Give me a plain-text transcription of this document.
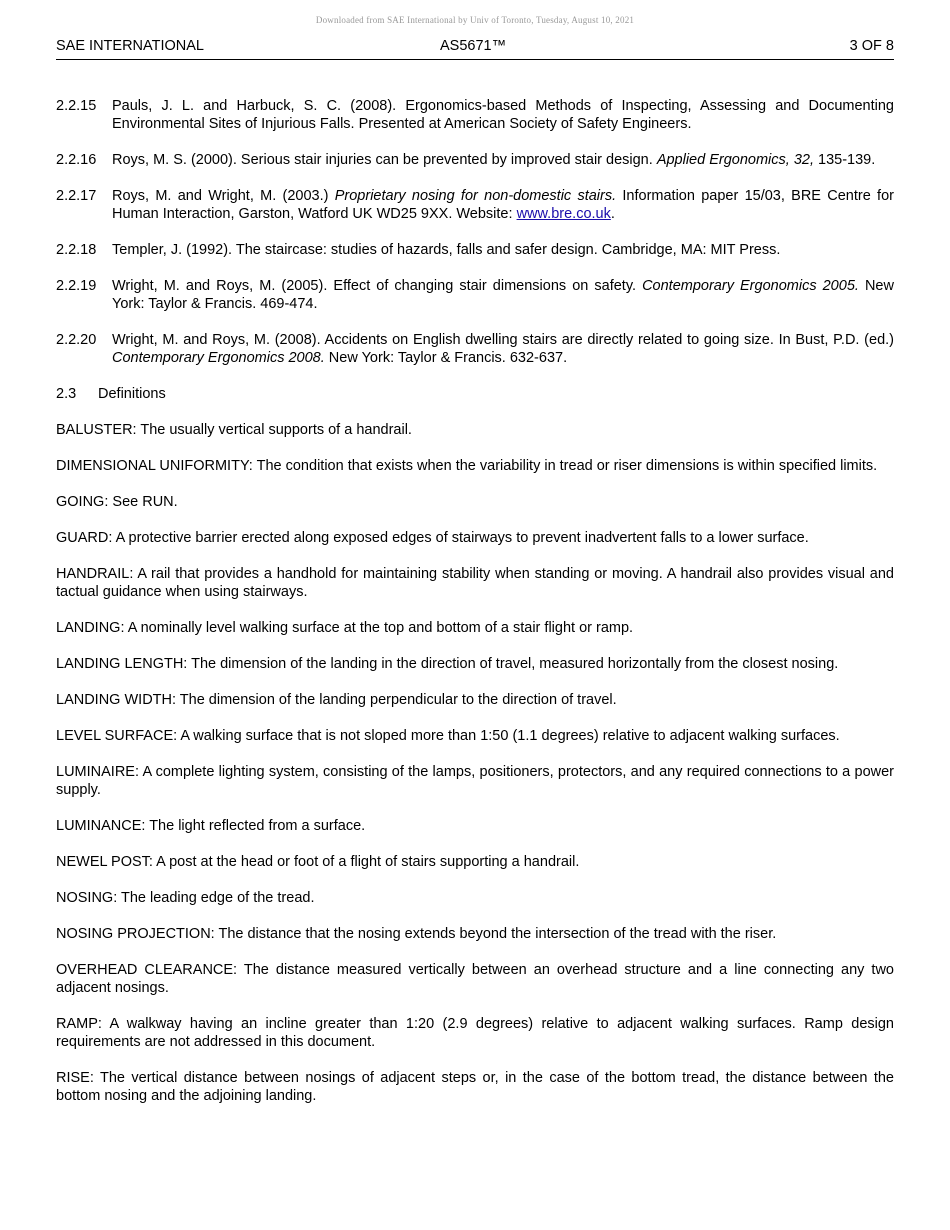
Downloaded from SAE International by Univ of Toronto, Tuesday, August 10, 2021
SAE INTERNATIONAL	AS5671™	3 OF 8
2.2.15	Pauls, J. L. and Harbuck, S. C. (2008). Ergonomics-based Methods of Inspecting, Assessing and Documenting Environmental Sites of Injurious Falls. Presented at American Society of Safety Engineers.
2.2.16	Roys, M. S. (2000). Serious stair injuries can be prevented by improved stair design. Applied Ergonomics, 32, 135-139.
2.2.17	Roys, M. and Wright, M. (2003.) Proprietary nosing for non-domestic stairs. Information paper 15/03, BRE Centre for Human Interaction, Garston, Watford UK WD25 9XX. Website: www.bre.co.uk.
2.2.18	Templer, J. (1992). The staircase: studies of hazards, falls and safer design. Cambridge, MA: MIT Press.
2.2.19	Wright, M. and Roys, M. (2005). Effect of changing stair dimensions on safety. Contemporary Ergonomics 2005. New York: Taylor & Francis. 469-474.
2.2.20	Wright, M. and Roys, M. (2008). Accidents on English dwelling stairs are directly related to going size. In Bust, P.D. (ed.) Contemporary Ergonomics 2008. New York: Taylor & Francis. 632-637.
2.3	Definitions
BALUSTER: The usually vertical supports of a handrail.
DIMENSIONAL UNIFORMITY: The condition that exists when the variability in tread or riser dimensions is within specified limits.
GOING: See RUN.
GUARD: A protective barrier erected along exposed edges of stairways to prevent inadvertent falls to a lower surface.
HANDRAIL: A rail that provides a handhold for maintaining stability when standing or moving. A handrail also provides visual and tactual guidance when using stairways.
LANDING: A nominally level walking surface at the top and bottom of a stair flight or ramp.
LANDING LENGTH: The dimension of the landing in the direction of travel, measured horizontally from the closest nosing.
LANDING WIDTH: The dimension of the landing perpendicular to the direction of travel.
LEVEL SURFACE: A walking surface that is not sloped more than 1:50 (1.1 degrees) relative to adjacent walking surfaces.
LUMINAIRE: A complete lighting system, consisting of the lamps, positioners, protectors, and any required connections to a power supply.
LUMINANCE: The light reflected from a surface.
NEWEL POST: A post at the head or foot of a flight of stairs supporting a handrail.
NOSING: The leading edge of the tread.
NOSING PROJECTION: The distance that the nosing extends beyond the intersection of the tread with the riser.
OVERHEAD CLEARANCE: The distance measured vertically between an overhead structure and a line connecting any two adjacent nosings.
RAMP: A walkway having an incline greater than 1:20 (2.9 degrees) relative to adjacent walking surfaces. Ramp design requirements are not addressed in this document.
RISE: The vertical distance between nosings of adjacent steps or, in the case of the bottom tread, the distance between the bottom nosing and the adjoining landing.
